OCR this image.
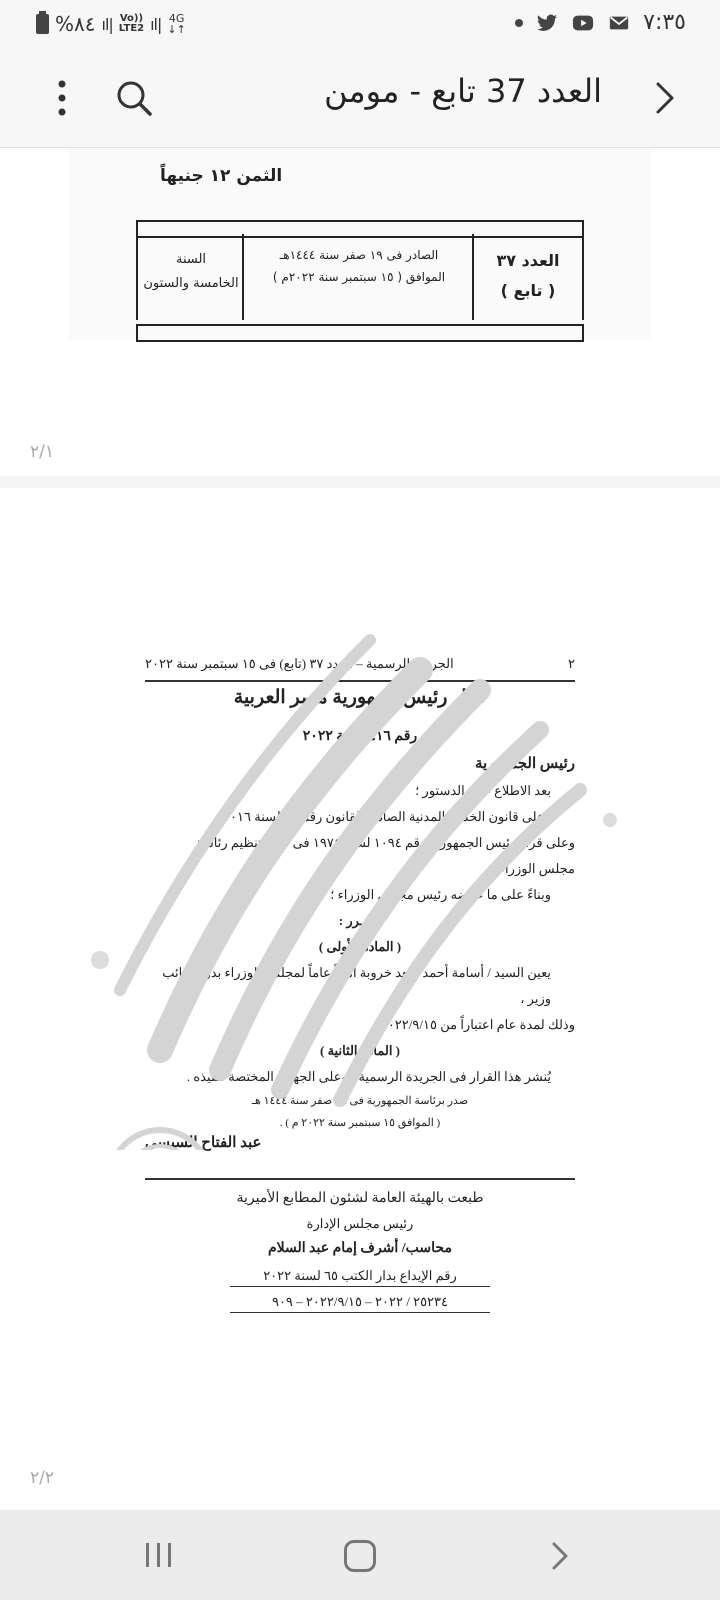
%٨٤ ıl| Vo))
LTE2 ıl| 4G
↓↑	٧:٣٥
العدد 37 تابع - مومن
الثمن ١٢ جنيهاً
السنة
الخامسة والستون
الصادر فى ١٩ صفر سنة ١٤٤٤هـ
الموافق ( ١٥ سبتمبر سنة ٢٠٢٢م )
العدد ٣٧
( تابع )
٢/١
٢
الجريدة الرسمية – العدد ٣٧ (تابع) فى ١٥ سبتمبر سنة ٢٠٢٢
قرار رئيس جمهورية مصر العربية
رقم ٤١٦ لسنة ٢٠٢٢
رئيس الجمهورية
بعد الاطلاع على الدستور ؛
وعلى قانون الخدمة المدنية الصادر بالقانون رقم ٨١ لسنة ٢٠١٦ ؛
وعلى قرار رئيس الجمهورية رقم ١٠٩٤ لسنة ١٩٧٤ فى شأن تنظيم رئاسة
مجلس الوزراء ؛
وبناءً على ما عرضه رئيس مجلس الوزراء ؛
قــــرر :
( المادة الأولى )
يعين السيد / أسامة أحمد سعد خروبة أميناً عاماً لمجلس الوزراء بدرجة نائب وزير ،
وذلك لمدة عام اعتباراً من ٢٠٢٢/٩/١٥
( المادة الثانية )
يُنشر هذا القرار فى الجريدة الرسمية ، وعلى الجهات المختصة تنفيذه .
صدر برئاسة الجمهورية فى ١٩ صفر سنة ١٤٤٤ هـ
( الموافق ١٥ سبتمبر سنة ٢٠٢٢ م ) .
عبد الفتاح السيسى
طبعت بالهيئة العامة لشئون المطابع الأميرية
رئيس مجلس الإدارة
محاسب/ أشرف إمام عبد السلام
رقم الإيداع بدار الكتب ٦٥ لسنة ٢٠٢٢
٢٥٢٣٤ / ٢٠٢٢ – ٢٠٢٢/٩/١٥ – ٩٠٩
٢/٢
